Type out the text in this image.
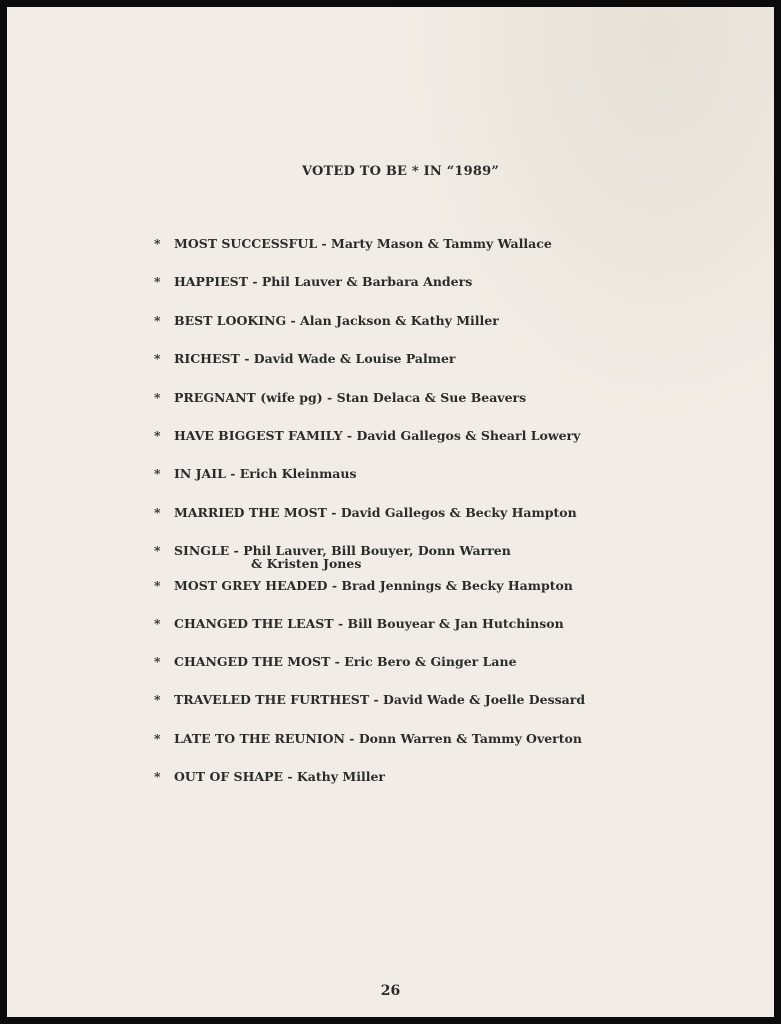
VOTED TO BE * IN “1989”
* MOST SUCCESSFUL - Marty Mason & Tammy Wallace
* HAPPIEST - Phil Lauver & Barbara Anders
* BEST LOOKING - Alan Jackson & Kathy Miller
* RICHEST - David Wade & Louise Palmer
* PREGNANT (wife pg) - Stan Delaca & Sue Beavers
* HAVE BIGGEST FAMILY - David Gallegos & Shearl Lowery
* IN JAIL - Erich Kleinmaus
* MARRIED THE MOST - David Gallegos & Becky Hampton
* SINGLE - Phil Lauver, Bill Bouyer, Donn Warren
& Kristen Jones
* MOST GREY HEADED - Brad Jennings & Becky Hampton
* CHANGED THE LEAST - Bill Bouyear & Jan Hutchinson
* CHANGED THE MOST - Eric Bero & Ginger Lane
* TRAVELED THE FURTHEST - David Wade & Joelle Dessard
* LATE TO THE REUNION - Donn Warren & Tammy Overton
* OUT OF SHAPE - Kathy Miller
26
